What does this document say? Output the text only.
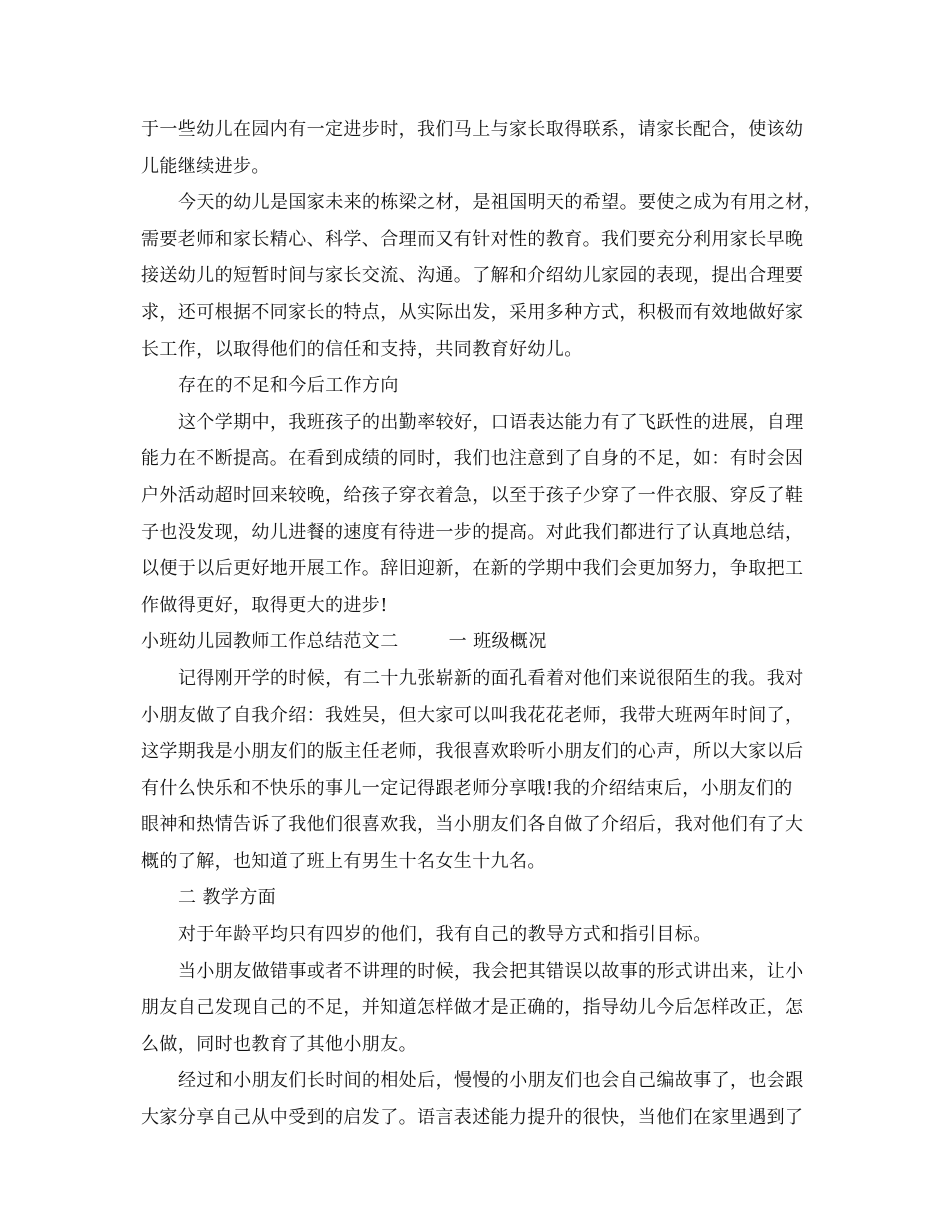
于一些幼儿在园内有一定进步时，我们马上与家长取得联系，请家长配合，使该幼
儿能继续进步。
今天的幼儿是国家未来的栋梁之材，是祖国明天的希望。要使之成为有用之材，
需要老师和家长精心、科学、合理而又有针对性的教育。我们要充分利用家长早晚
接送幼儿的短暂时间与家长交流、沟通。了解和介绍幼儿家园的表现，提出合理要
求，还可根据不同家长的特点，从实际出发，采用多种方式，积极而有效地做好家
长工作，以取得他们的信任和支持，共同教育好幼儿。
存在的不足和今后工作方向
这个学期中，我班孩子的出勤率较好，口语表达能力有了飞跃性的进展，自理
能力在不断提高。在看到成绩的同时，我们也注意到了自身的不足，如：有时会因
户外活动超时回来较晚，给孩子穿衣着急，以至于孩子少穿了一件衣服、穿反了鞋
子也没发现，幼儿进餐的速度有待进一步的提高。对此我们都进行了认真地总结，
以便于以后更好地开展工作。辞旧迎新，在新的学期中我们会更加努力，争取把工
作做得更好，取得更大的进步!
小班幼儿园教师工作总结范文二	一 班级概况
记得刚开学的时候，有二十九张崭新的面孔看着对他们来说很陌生的我。我对
小朋友做了自我介绍：我姓吴，但大家可以叫我花花老师，我带大班两年时间了，
这学期我是小朋友们的版主任老师，我很喜欢聆听小朋友们的心声，所以大家以后
有什么快乐和不快乐的事儿一定记得跟老师分享哦!我的介绍结束后，小朋友们的
眼神和热情告诉了我他们很喜欢我，当小朋友们各自做了介绍后，我对他们有了大
概的了解，也知道了班上有男生十名女生十九名。
二 教学方面
对于年龄平均只有四岁的他们，我有自己的教导方式和指引目标。
当小朋友做错事或者不讲理的时候，我会把其错误以故事的形式讲出来，让小
朋友自己发现自己的不足，并知道怎样做才是正确的，指导幼儿今后怎样改正，怎
么做，同时也教育了其他小朋友。
经过和小朋友们长时间的相处后，慢慢的小朋友们也会自己编故事了，也会跟
大家分享自己从中受到的启发了。语言表述能力提升的很快，当他们在家里遇到了
